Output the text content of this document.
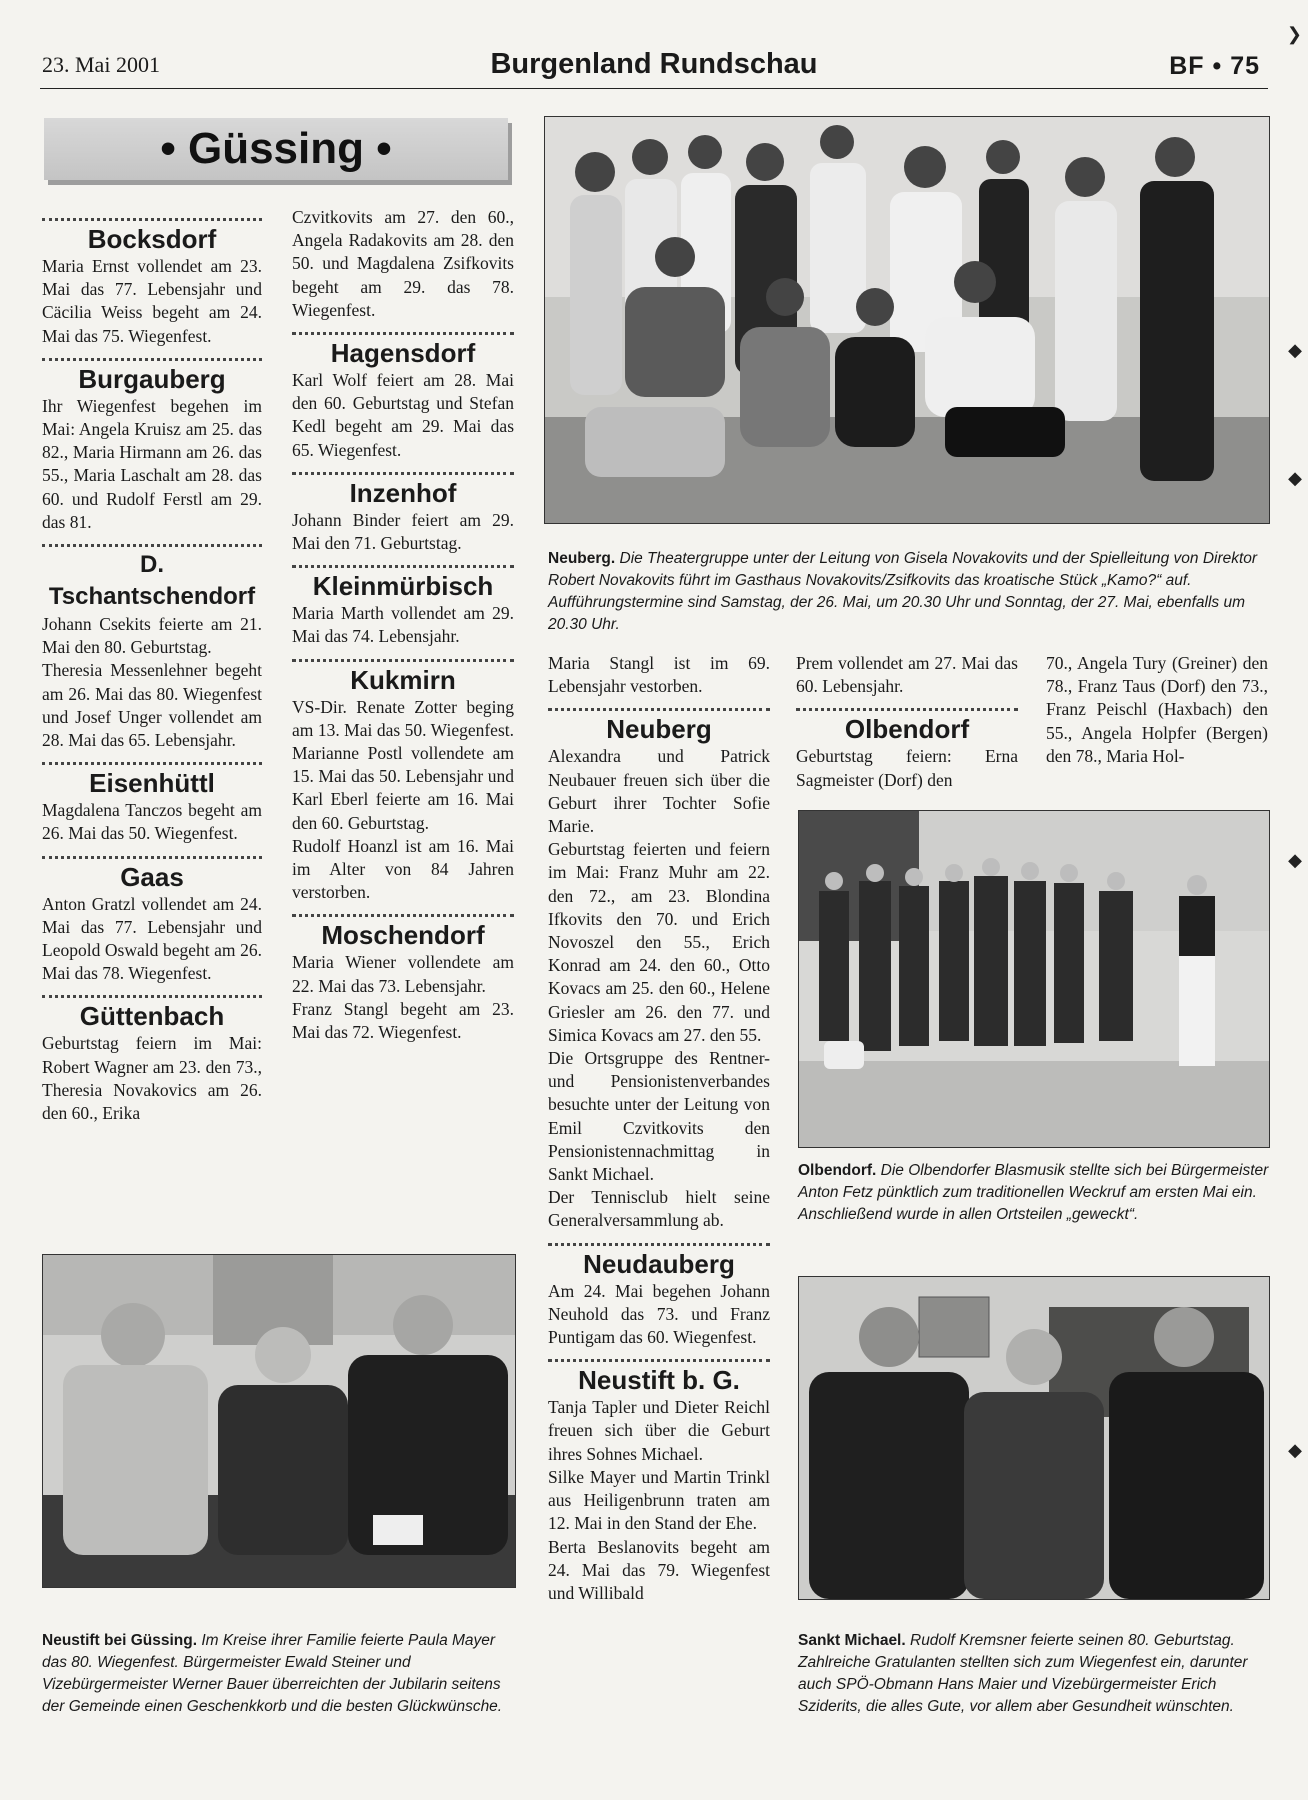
23. Mai 2001	Burgenland Rundschau	BF • 75
• Güssing •
Bocksdorf

Maria Ernst vollendet am 23. Mai das 77. Lebensjahr und Cäcilia Weiss begeht am 24. Mai das 75. Wiegenfest.

Burgauberg

Ihr Wiegenfest begehen im Mai: Angela Kruisz am 25. das 82., Maria Hirmann am 26. das 55., Maria Laschalt am 28. das 60. und Rudolf Ferstl am 29. das 81.

D. Tschantschendorf

Johann Csekits feierte am 21. Mai den 80. Geburtstag.

Theresia Messenlehner begeht am 26. Mai das 80. Wiegenfest und Josef Unger vollendet am 28. Mai das 65. Lebensjahr.

Eisenhüttl

Magdalena Tanczos begeht am 26. Mai das 50. Wiegenfest.

Gaas

Anton Gratzl vollendet am 24. Mai das 77. Lebensjahr und Leopold Oswald begeht am 26. Mai das 78. Wiegenfest.

Güttenbach

Geburtstag feiern im Mai: Robert Wagner am 23. den 73., Theresia Novakovics am 26. den 60., Erika

Czvitkovits am 27. den 60., Angela Radakovits am 28. den 50. und Magdalena Zsifkovits begeht am 29. das 78. Wiegenfest.

Hagensdorf

Karl Wolf feiert am 28. Mai den 60. Geburtstag und Stefan Kedl begeht am 29. Mai das 65. Wiegenfest.

Inzenhof

Johann Binder feiert am 29. Mai den 71. Geburtstag.

Kleinmürbisch

Maria Marth vollendet am 29. Mai das 74. Lebensjahr.

Kukmirn

VS-Dir. Renate Zotter beging am 13. Mai das 50. Wiegenfest. Marianne Postl vollendete am 15. Mai das 50. Lebensjahr und Karl Eberl feierte am 16. Mai den 60. Geburtstag.

Rudolf Hoanzl ist am 16. Mai im Alter von 84 Jahren verstorben.

Moschendorf

Maria Wiener vollendete am 22. Mai das 73. Lebensjahr.

Franz Stangl begeht am 23. Mai das 72. Wiegenfest.

Neuberg. Die Theatergruppe unter der Leitung von Gisela Novakovits und der Spielleitung von Direktor Robert Novakovits führt im Gasthaus Novakovits/Zsifkovits das kroatische Stück „Kamo?“ auf. Aufführungstermine sind Samstag, der 26. Mai, um 20.30 Uhr und Sonntag, der 27. Mai, ebenfalls um 20.30 Uhr.

Maria Stangl ist im 69. Lebensjahr vestorben.

Neuberg

Alexandra und Patrick Neubauer freuen sich über die Geburt ihrer Tochter Sofie Marie.

Geburtstag feierten und feiern im Mai: Franz Muhr am 22. den 72., am 23. Blondina Ifkovits den 70. und Erich Novoszel den 55., Erich Konrad am 24. den 60., Otto Kovacs am 25. den 60., Helene Griesler am 26. den 77. und Simica Kovacs am 27. den 55.

Die Ortsgruppe des Rentner- und Pensionistenverbandes besuchte unter der Leitung von Emil Czvitkovits den Pensionistennachmittag in Sankt Michael.

Der Tennisclub hielt seine Generalversammlung ab.

Neudauberg

Am 24. Mai begehen Johann Neuhold das 73. und Franz Puntigam das 60. Wiegenfest.

Neustift b. G.

Tanja Tapler und Dieter Reichl freuen sich über die Geburt ihres Sohnes Michael.

Silke Mayer und Martin Trinkl aus Heiligenbrunn traten am 12. Mai in den Stand der Ehe.

Berta Beslanovits begeht am 24. Mai das 79. Wiegenfest und Willibald

Prem vollendet am 27. Mai das 60. Lebensjahr.

Olbendorf

Geburtstag feiern: Erna Sagmeister (Dorf) den

70., Angela Tury (Greiner) den 78., Franz Taus (Dorf) den 73., Franz Peischl (Haxbach) den 55., Angela Holpfer (Bergen) den 78., Maria Hol-

Olbendorf. Die Olbendorfer Blasmusik stellte sich bei Bürgermeister Anton Fetz pünktlich zum traditionellen Weckruf am ersten Mai ein. Anschließend wurde in allen Ortsteilen „geweckt“.

Neustift bei Güssing. Im Kreise ihrer Familie feierte Paula Mayer das 80. Wiegenfest. Bürgermeister Ewald Steiner und Vizebürgermeister Werner Bauer überreichten der Jubilarin seitens der Gemeinde einen Geschenkkorb und die besten Glückwünsche.

Sankt Michael. Rudolf Kremsner feierte seinen 80. Geburtstag. Zahlreiche Gratulanten stellten sich zum Wiegenfest ein, darunter auch SPÖ-Obmann Hans Maier und Vizebürgermeister Erich Sziderits, die alles Gute, vor allem aber Gesundheit wünschten.

❯
◆
◆
◆
◆
